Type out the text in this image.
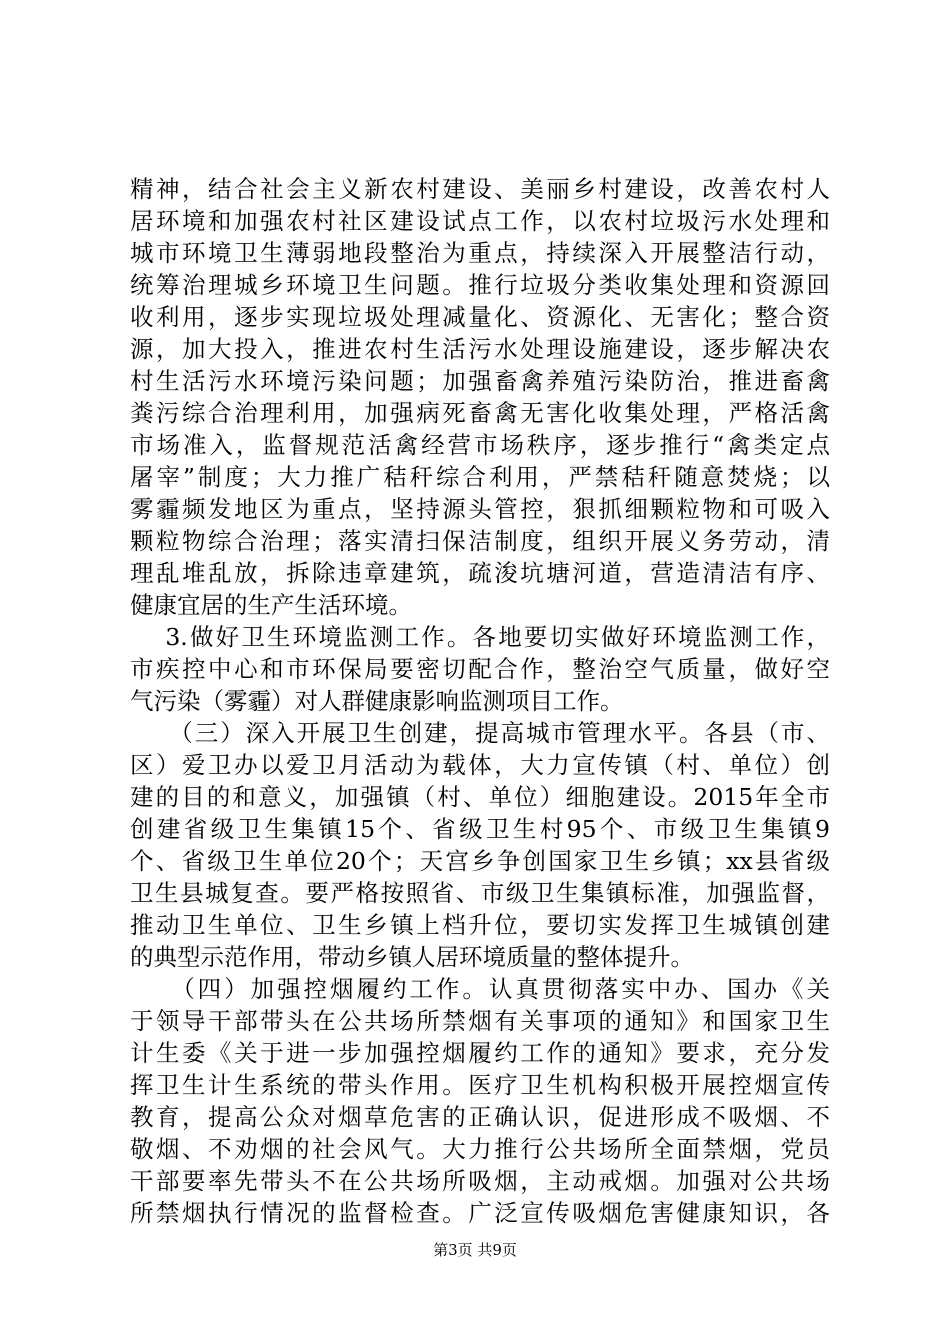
精神，结合社会主义新农村建设、美丽乡村建设，改善农村人
居环境和加强农村社区建设试点工作，以农村垃圾污水处理和
城市环境卫生薄弱地段整治为重点，持续深入开展整洁行动，
统筹治理城乡环境卫生问题。推行垃圾分类收集处理和资源回
收利用，逐步实现垃圾处理减量化、资源化、无害化；整合资
源，加大投入，推进农村生活污水处理设施建设，逐步解决农
村生活污水环境污染问题；加强畜禽养殖污染防治，推进畜禽
粪污综合治理利用，加强病死畜禽无害化收集处理，严格活禽
市场准入，监督规范活禽经营市场秩序，逐步推行“禽类定点
屠宰”制度；大力推广秸秆综合利用，严禁秸秆随意焚烧；以
雾霾频发地区为重点，坚持源头管控，狠抓细颗粒物和可吸入
颗粒物综合治理；落实清扫保洁制度，组织开展义务劳动，清
理乱堆乱放，拆除违章建筑，疏浚坑塘河道，营造清洁有序、
健康宜居的生产生活环境。
　 3.做好卫生环境监测工作。各地要切实做好环境监测工作，
市疾控中心和市环保局要密切配合作，整治空气质量，做好空
气污染（雾霾）对人群健康影响监测项目工作。
　　（三）深入开展卫生创建，提高城市管理水平。各县（市、
区）爱卫办以爱卫月活动为载体，大力宣传镇（村、单位）创
建的目的和意义，加强镇（村、单位）细胞建设。2015年全市
创建省级卫生集镇15个、省级卫生村95个、市级卫生集镇9
个、省级卫生单位20个；天宫乡争创国家卫生乡镇；xx县省级
卫生县城复查。要严格按照省、市级卫生集镇标准，加强监督，
推动卫生单位、卫生乡镇上档升位，要切实发挥卫生城镇创建
的典型示范作用，带动乡镇人居环境质量的整体提升。
　　（四）加强控烟履约工作。认真贯彻落实中办、国办《关
于领导干部带头在公共场所禁烟有关事项的通知》和国家卫生
计生委《关于进一步加强控烟履约工作的通知》要求，充分发
挥卫生计生系统的带头作用。医疗卫生机构积极开展控烟宣传
教育，提高公众对烟草危害的正确认识，促进形成不吸烟、不
敬烟、不劝烟的社会风气。大力推行公共场所全面禁烟，党员
干部要率先带头不在公共场所吸烟，主动戒烟。加强对公共场
所禁烟执行情况的监督检查。广泛宣传吸烟危害健康知识，各
第3页 共9页
